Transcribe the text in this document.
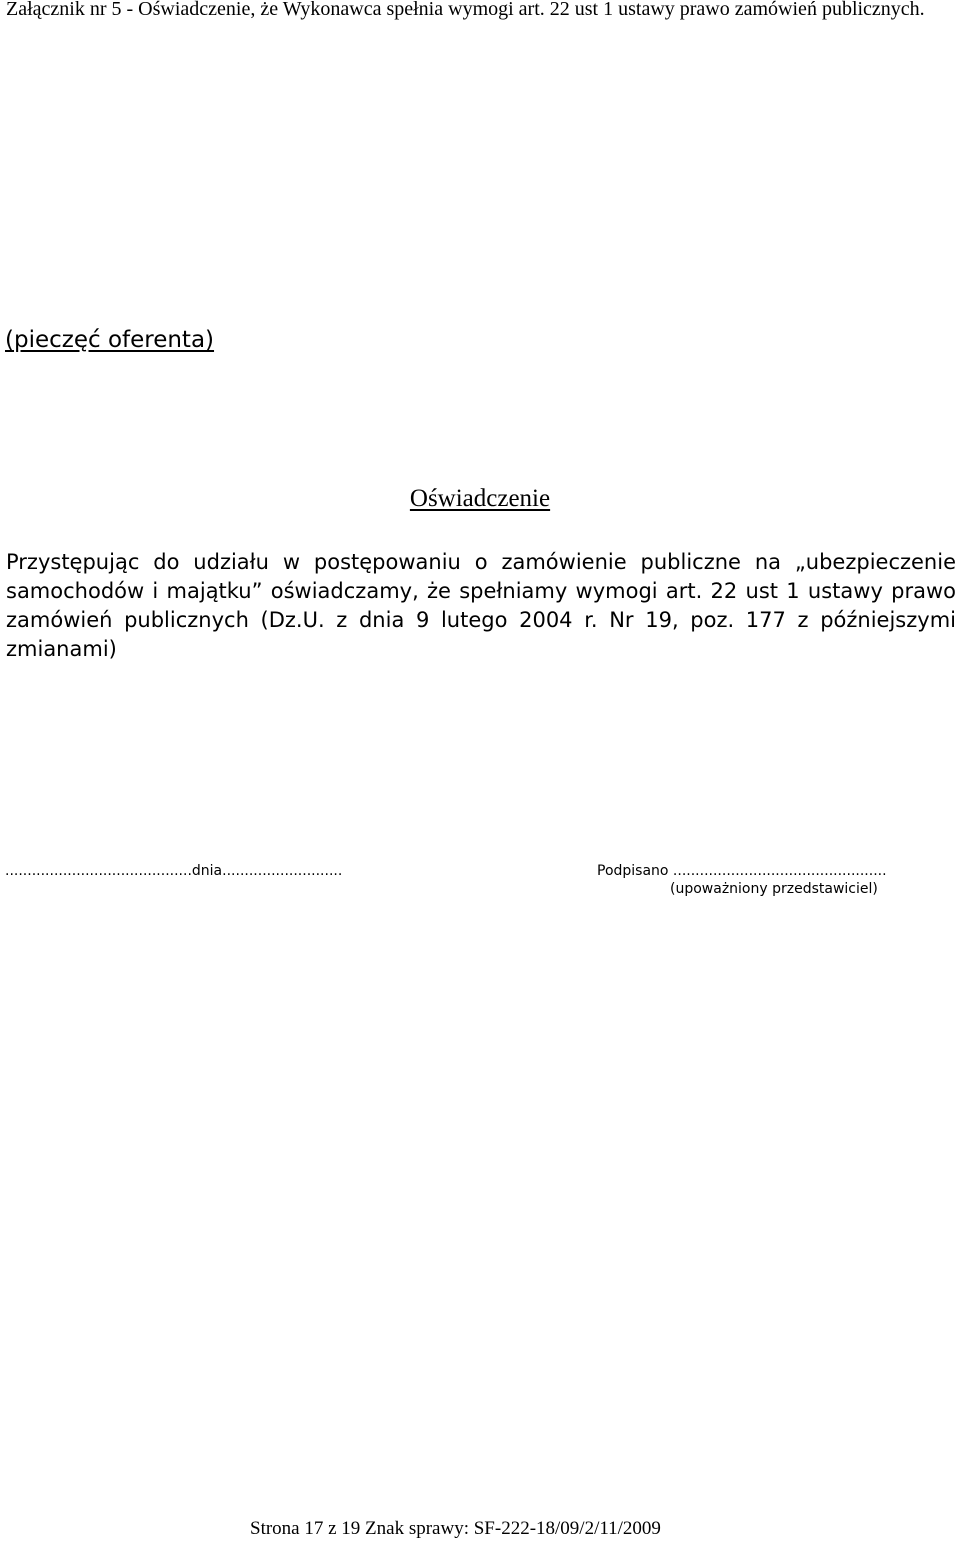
Załącznik nr 5 - Oświadczenie, że Wykonawca spełnia wymogi art. 22 ust 1 ustawy prawo zamówień publicznych.

(pieczęć oferenta)

Oświadczenie

Przystępując do udziału w postępowaniu o zamówienie publiczne na „ubezpieczenie samochodów i majątku” oświadczamy, że spełniamy wymogi art. 22 ust 1 ustawy prawo zamówień publicznych (Dz.U. z dnia 9 lutego 2004 r. Nr 19, poz. 177 z późniejszymi zmianami)

..........................................dnia...........................	Podpisano ................................................

(upoważniony przedstawiciel)

Strona 17 z 19 Znak sprawy: SF-222-18/09/2/11/2009
